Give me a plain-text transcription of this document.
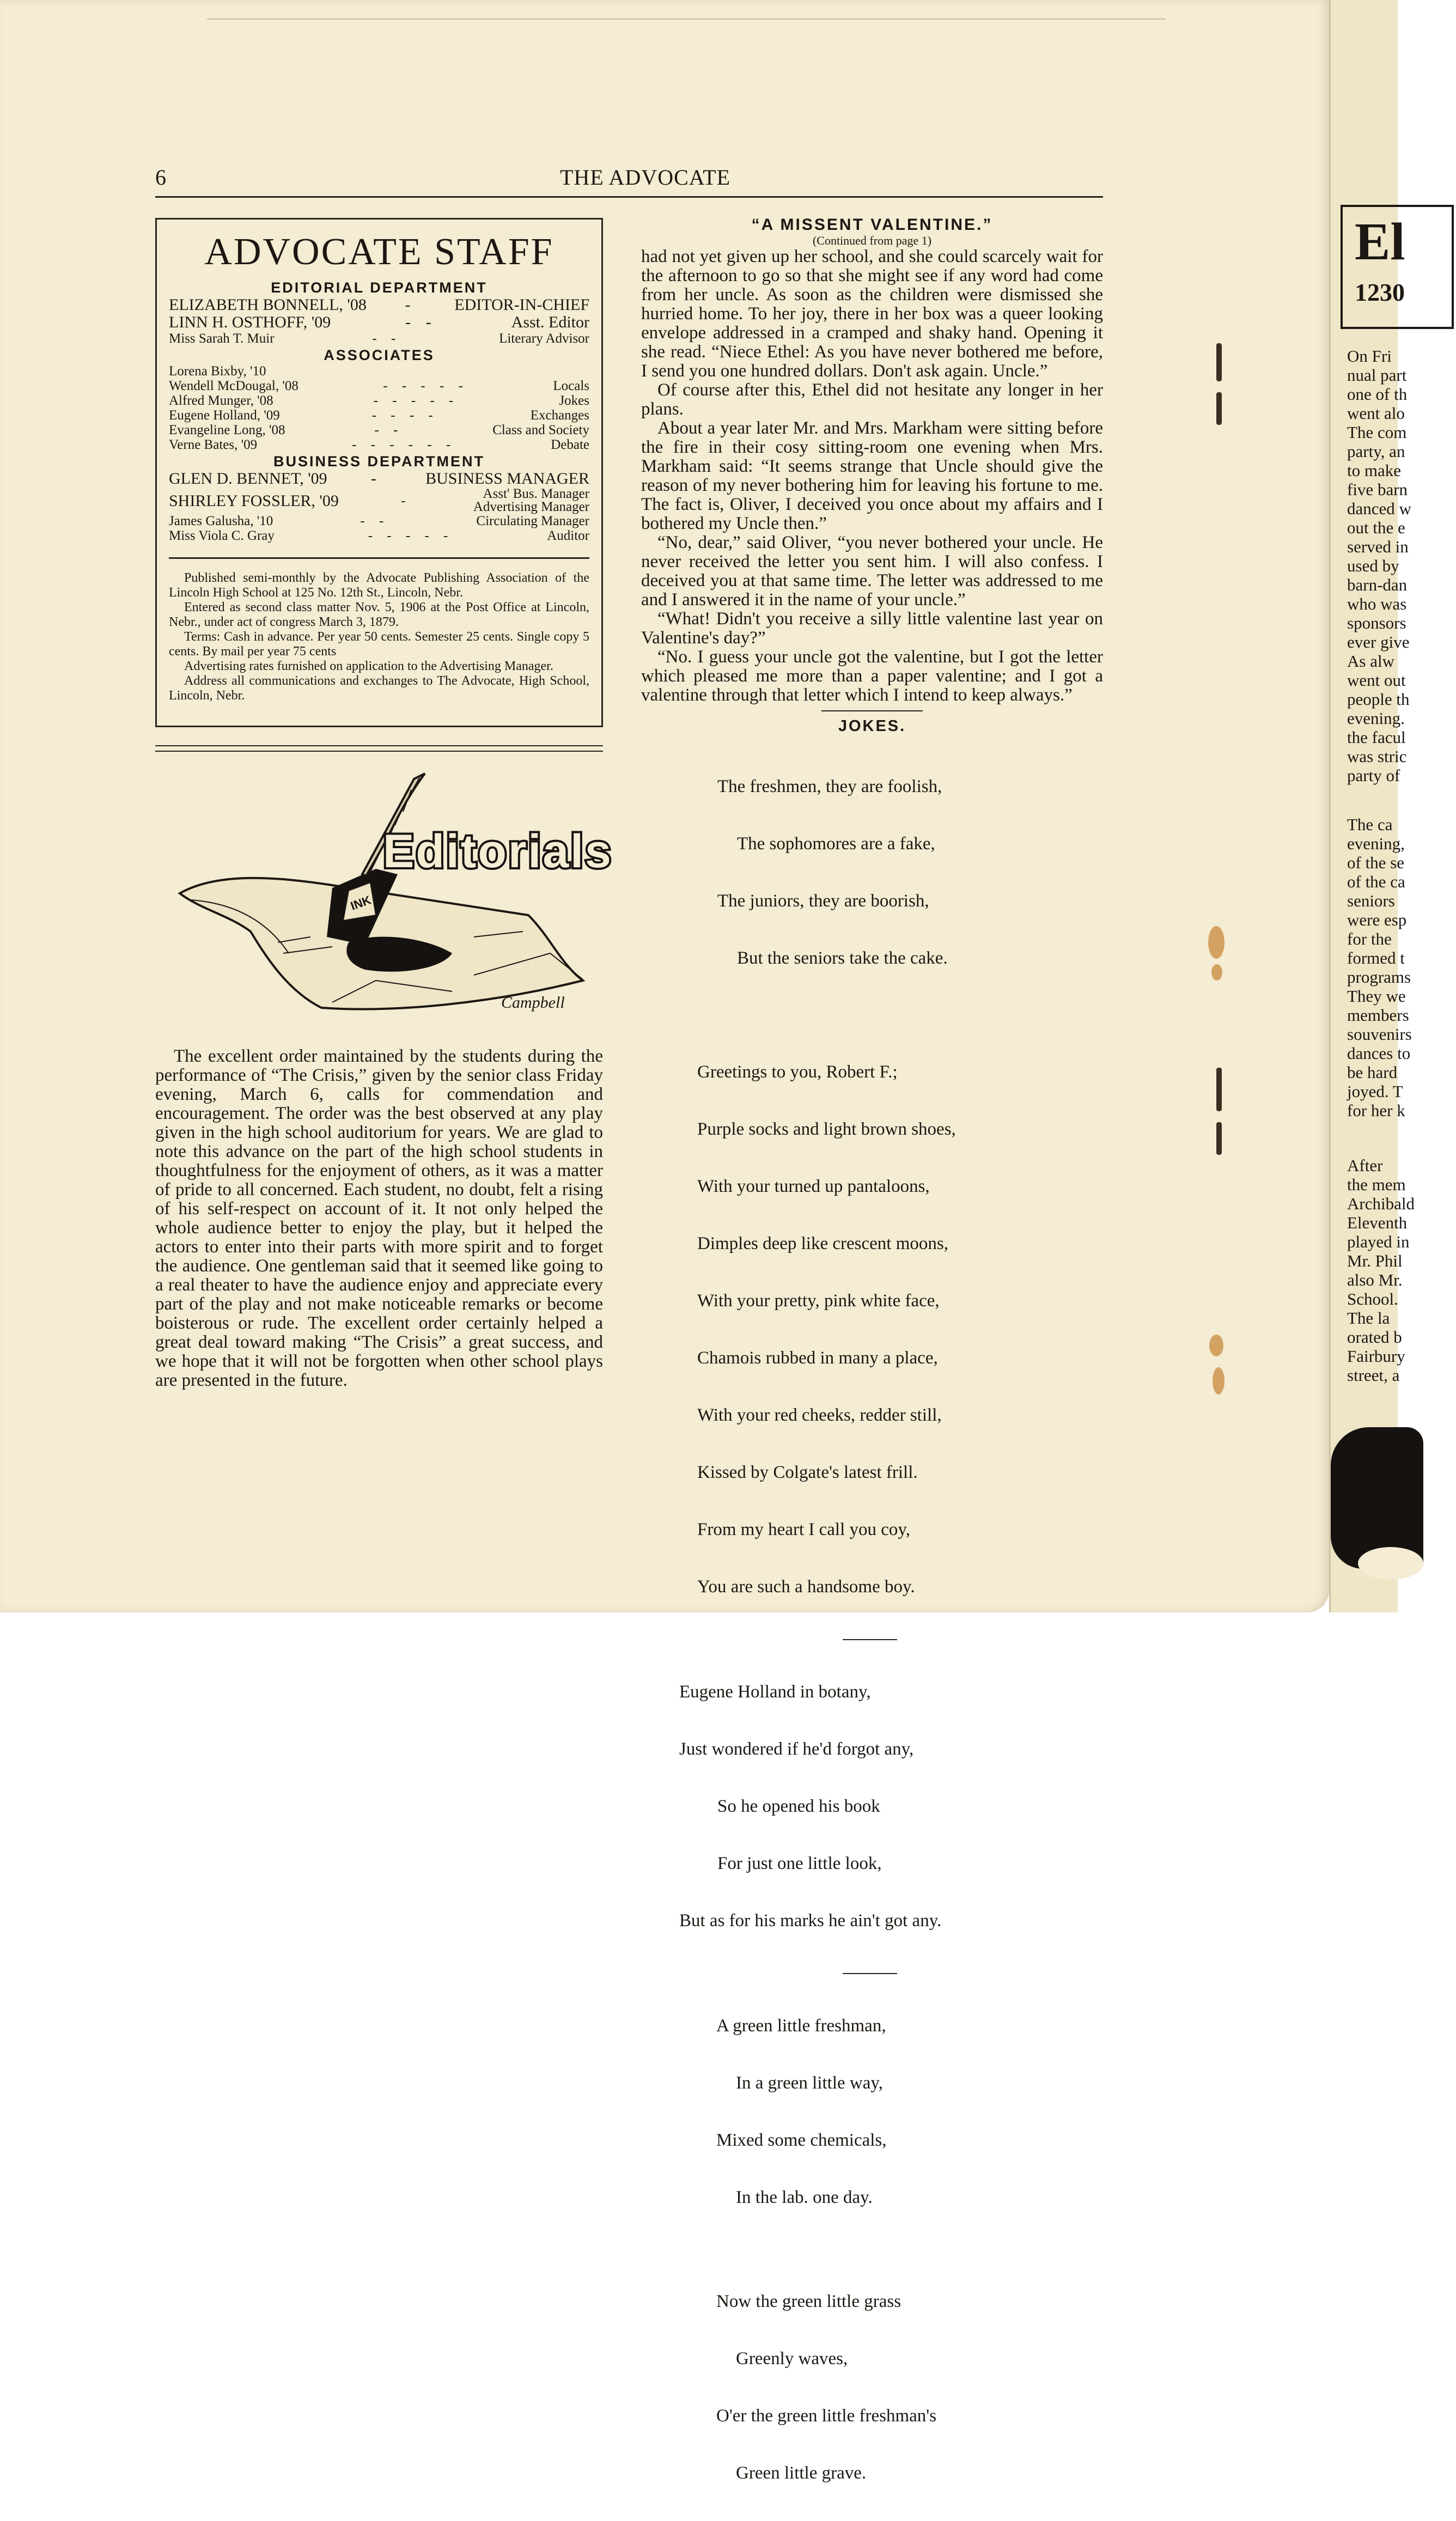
6	THE ADVOCATE
ADVOCATE STAFF
EDITORIAL DEPARTMENT
ELIZABETH BONNELL, '08	-	EDITOR-IN-CHIEF
LINN H. OSTHOFF, '09	- -	Asst. Editor
Miss Sarah T. Muir	- -	Literary Advisor
ASSOCIATES
Lorena Bixby, '10
Wendell McDougal, '08	- - - - -	Locals
Alfred Munger, '08	- - - - -	Jokes
Eugene Holland, '09	- - - -	Exchanges
Evangeline Long, '08	- -	Class and Society
Verne Bates, '09	- - - - - -	Debate
BUSINESS DEPARTMENT
GLEN D. BENNET, '09	-	BUSINESS MANAGER
SHIRLEY FOSSLER, '09	-	Asst' Bus. Manager
Advertising Manager
James Galusha, '10	- -	Circulating Manager
Miss Viola C. Gray	- - - - -	Auditor

Published semi-monthly by the Advocate Publishing Association of the Lincoln High School at 125 No. 12th St., Lincoln, Nebr.

Entered as second class matter Nov. 5, 1906 at the Post Office at Lincoln, Nebr., under act of congress March 3, 1879.

Terms: Cash in advance. Per year 50 cents. Semester 25 cents. Single copy 5 cents. By mail per year 75 cents

Advertising rates furnished on application to the Advertising Manager.

Address all communications and exchanges to The Advocate, High School, Lincoln, Nebr.

INK
Editorials
Campbell

The excellent order maintained by the students during the performance of “The Crisis,” given by the senior class Friday evening, March 6, calls for commendation and encouragement. The order was the best observed at any play given in the high school auditorium for years. We are glad to note this advance on the part of the high school students in thoughtfulness for the enjoyment of others, as it was a matter of pride to all concerned. Each student, no doubt, felt a rising of his self-respect on account of it. It not only helped the whole audience better to enjoy the play, but it helped the actors to enter into their parts with more spirit and to forget the audience. One gentleman said that it seemed like going to a real theater to have the audience enjoy and appreciate every part of the play and not make noticeable remarks or become boisterous or rude. The excellent order certainly helped a great deal toward making “The Crisis” a great success, and we hope that it will not be forgotten when other school plays are presented in the future.

“A MISSENT VALENTINE.”
(Continued from page 1)

had not yet given up her school, and she could scarcely wait for the afternoon to go so that she might see if any word had come from her uncle. As soon as the children were dismissed she hurried home. To her joy, there in her box was a queer looking envelope addressed in a cramped and shaky hand. Opening it she read. “Niece Ethel: As you have never bothered me before, I send you one hundred dollars. Don't ask again. Uncle.”

Of course after this, Ethel did not hesitate any longer in her plans.

About a year later Mr. and Mrs. Markham were sitting before the fire in their cosy sitting-room one evening when Mrs. Markham said: “It seems strange that Uncle should give the reason of my never bothering him for leaving his fortune to me. The fact is, Oliver, I deceived you once about my affairs and I bothered my Uncle then.”

“No, dear,” said Oliver, “you never bothered your uncle. He never received the letter you sent him. I will also confess. I deceived you at that same time. The letter was addressed to me and I answered it in the name of your uncle.”

“What! Didn't you receive a silly little valentine last year on Valentine's day?”

“No. I guess your uncle got the valentine, but I got the letter which pleased me more than a paper valentine; and I got a valentine through that letter which I intend to keep always.”

JOKES.

The freshmen, they are foolish,

The sophomores are a fake,

The juniors, they are boorish,

But the seniors take the cake.

Greetings to you, Robert F.;

Purple socks and light brown shoes,

With your turned up pantaloons,

Dimples deep like crescent moons,

With your pretty, pink white face,

Chamois rubbed in many a place,

With your red cheeks, redder still,

Kissed by Colgate's latest frill.

From my heart I call you coy,

You are such a handsome boy.

Eugene Holland in botany,

Just wondered if he'd forgot any,

So he opened his book

For just one little look,

But as for his marks he ain't got any.

A green little freshman,

In a green little way,

Mixed some chemicals,

In the lab. one day.

Now the green little grass

Greenly waves,

O'er the green little freshman's

Green little grave.

El
1230
On Fri
nual part
one of th
went alo
The com
party, an
to make
five barn
danced w
out the e
served in
used by
barn-dan
who was
sponsors
ever give
As alw
went out
people th
evening.
the facul
was stric
party of
The ca
evening,
of the se
of the ca
seniors
were esp
for the
formed t
programs
They we
members
souvenirs
dances to
be hard
joyed. T
for her k
After
the mem
Archibald
Eleventh
played in
Mr. Phil
also Mr.
School.
The la
orated b
Fairbury
street, a
